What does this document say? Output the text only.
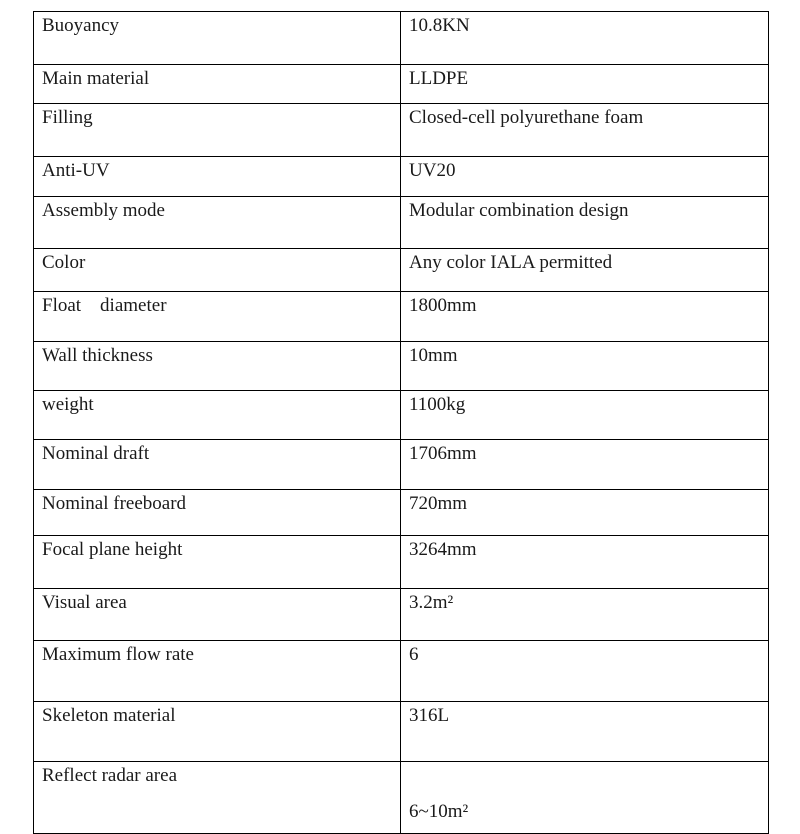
Buoyancy	10.8KN
Main material	LLDPE
Filling	Closed-cell polyurethane foam
Anti-UV	UV20
Assembly mode	Modular combination design
Color	Any color IALA permitted
Float    diameter	1800mm
Wall thickness	10mm
weight	1100kg
Nominal draft	1706mm
Nominal freeboard	720mm
Focal plane height	3264mm
Visual area	3.2m²
Maximum flow rate	6
Skeleton material	316L
Reflect radar area	6~10m²
